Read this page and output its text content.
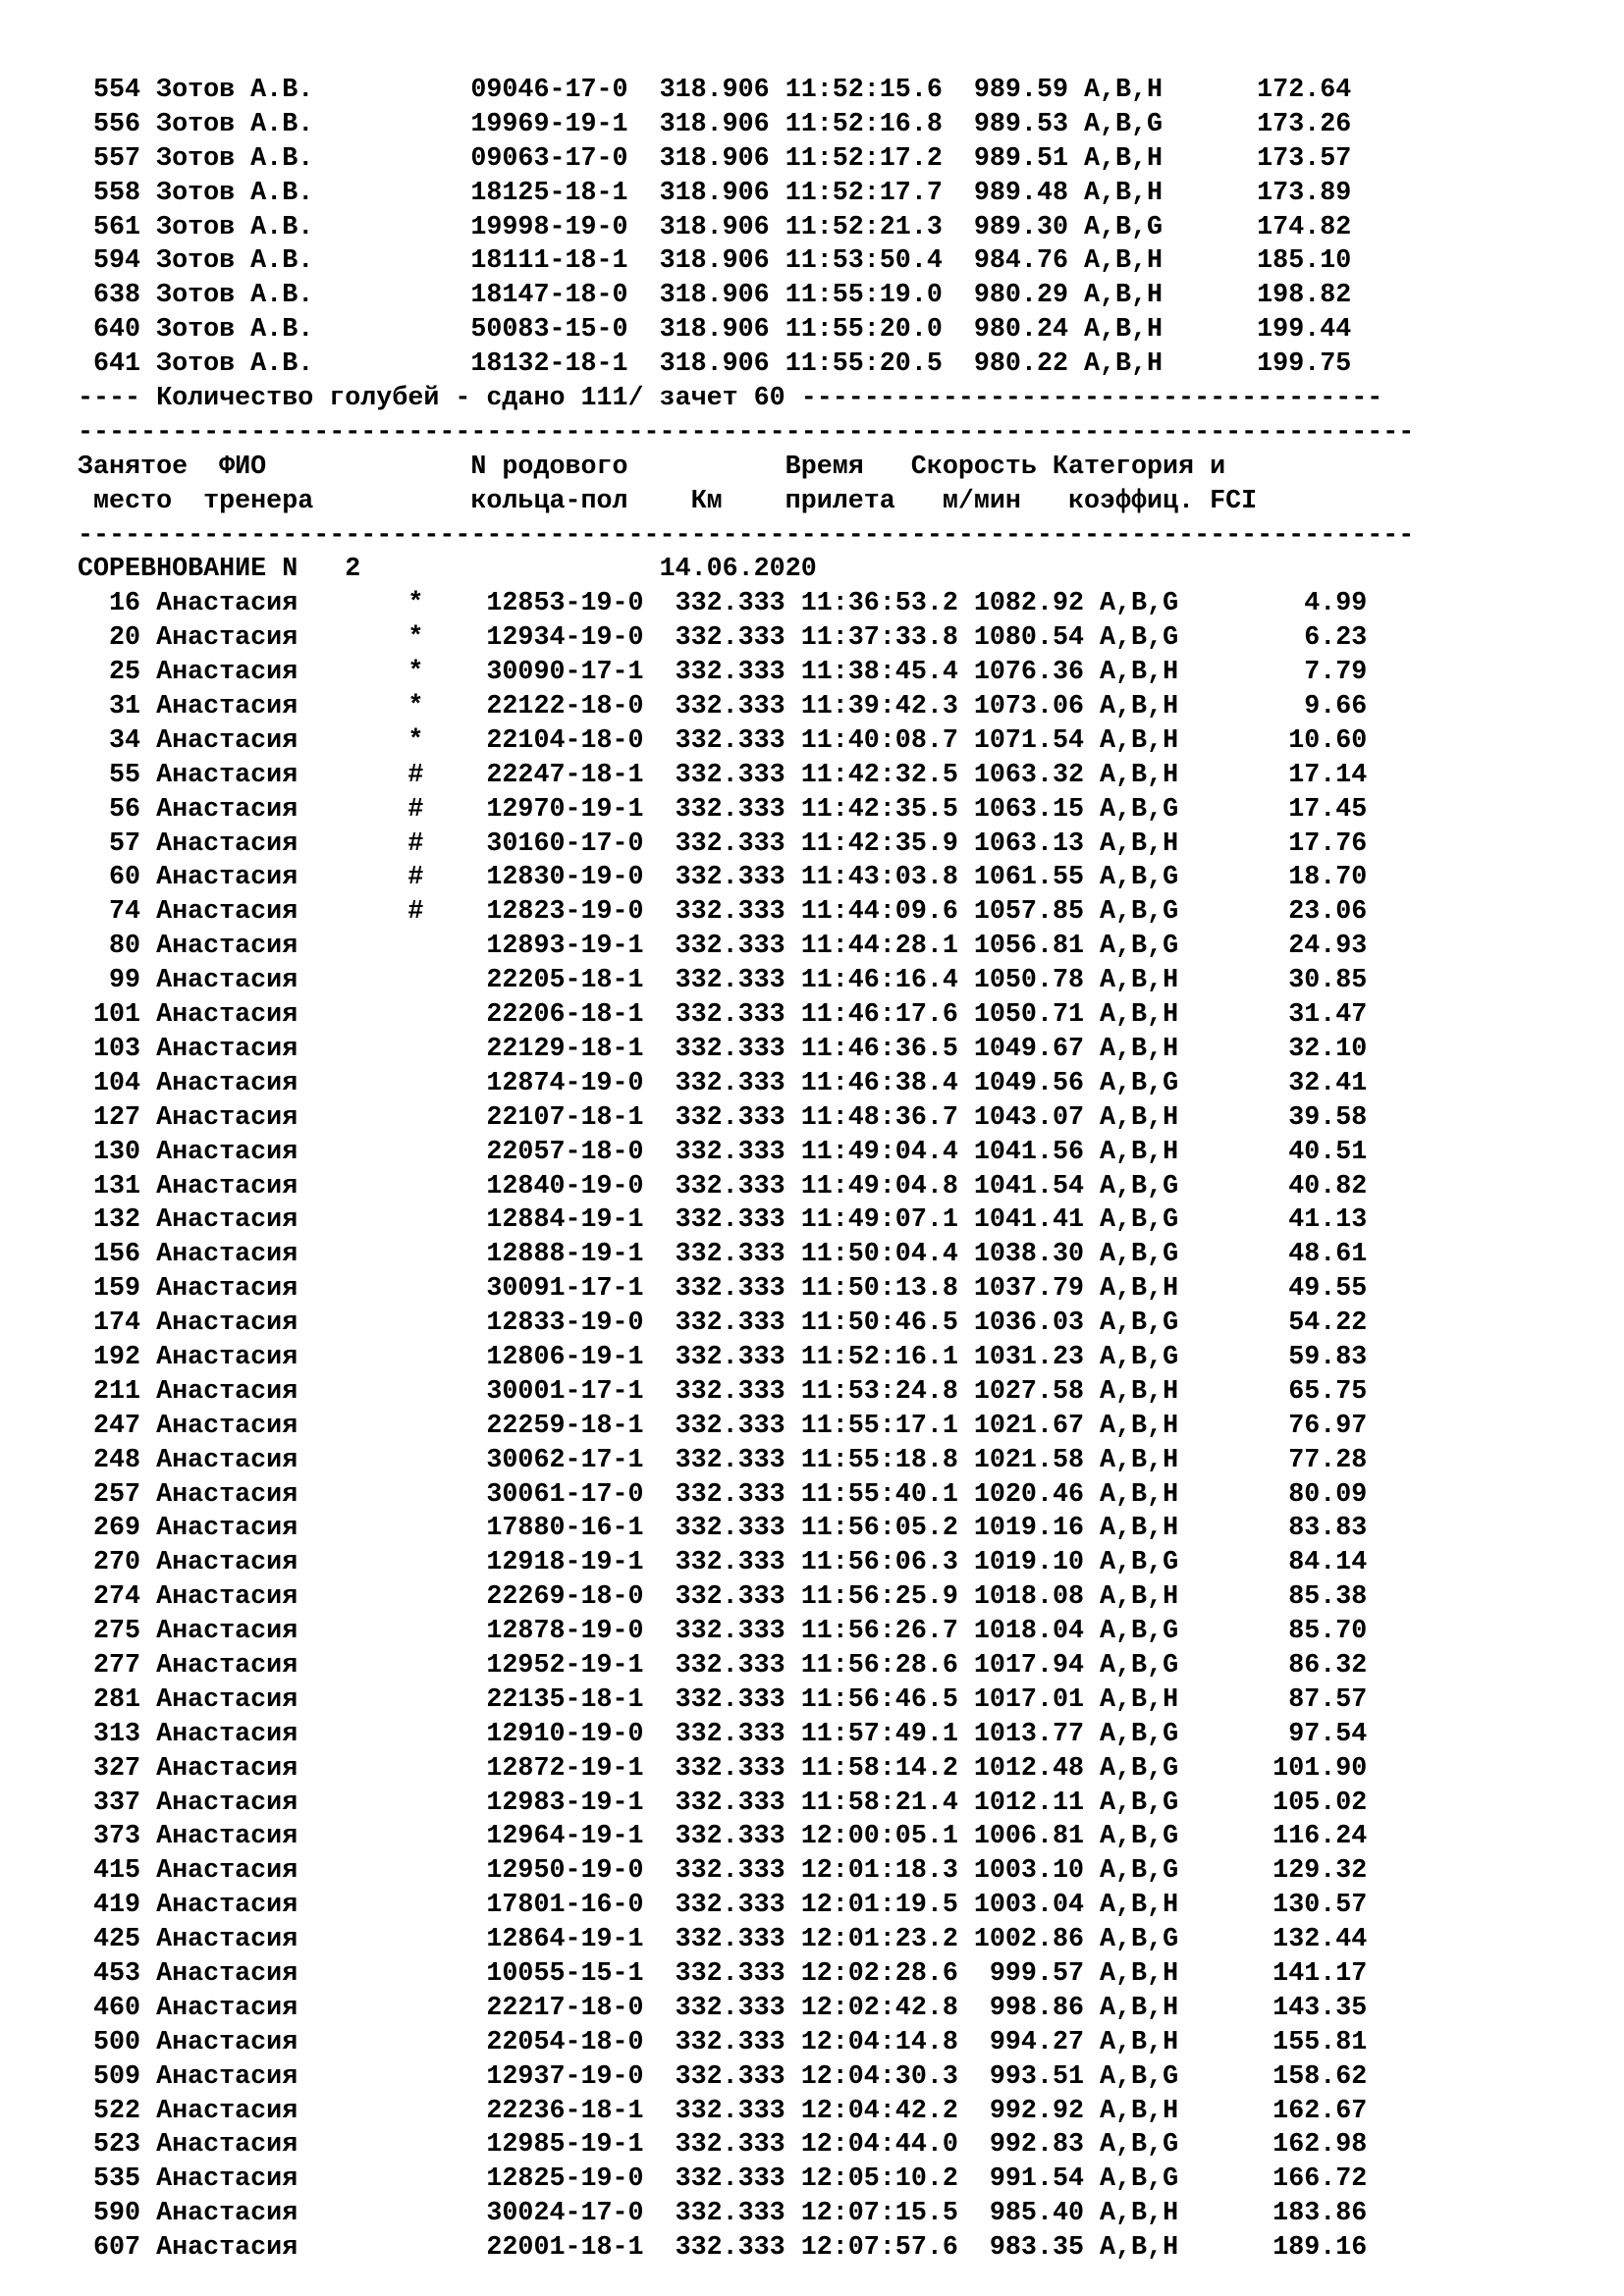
554 Зотов А.В.          09046-17-0 318.906 11:52:15.6  989.59 A,B,H      172.64
556 Зотов А.В.          19969-19-1 318.906 11:52:16.8  989.53 A,B,G      173.26
557 Зотов А.В.          09063-17-0 318.906 11:52:17.2  989.51 A,B,H      173.57
558 Зотов А.В.          18125-18-1 318.906 11:52:17.7  989.48 A,B,H      173.89
561 Зотов А.В.          19998-19-0 318.906 11:52:21.3  989.30 A,B,G      174.82
594 Зотов А.В.          18111-18-1 318.906 11:53:50.4  984.76 A,B,H      185.10
638 Зотов А.В.          18147-18-0 318.906 11:55:19.0  980.29 A,B,H      198.82
640 Зотов А.В.          50083-15-0 318.906 11:55:20.0  980.24 A,B,H      199.44
641 Зотов А.В.          18132-18-1 318.906 11:55:20.5  980.22 A,B,H      199.75
---- Количество голубей - сдано 111/ зачет 60 -------------------------------------
-------------------------------------------------------------------------------------
Занятое  ФИО             N родового          Время   Скорость Категория и
место  тренера          кольца-пол    Км    прилета   м/мин   коэффиц. FCI
-------------------------------------------------------------------------------------
СОРЕВНОВАНИЕ N   2	14.06.2020
16 Анастасия       *    12853-19-0 332.333 11:36:53.2 1082.92 A,B,G        4.99
20 Анастасия       *    12934-19-0 332.333 11:37:33.8 1080.54 A,B,G        6.23
25 Анастасия       *    30090-17-1 332.333 11:38:45.4 1076.36 A,B,H        7.79
31 Анастасия       *    22122-18-0 332.333 11:39:42.3 1073.06 A,B,H        9.66
34 Анастасия       *    22104-18-0 332.333 11:40:08.7 1071.54 A,B,H       10.60
55 Анастасия       #    22247-18-1 332.333 11:42:32.5 1063.32 A,B,H       17.14
56 Анастасия       #    12970-19-1 332.333 11:42:35.5 1063.15 A,B,G       17.45
57 Анастасия       #    30160-17-0 332.333 11:42:35.9 1063.13 A,B,H       17.76
60 Анастасия       #    12830-19-0 332.333 11:43:03.8 1061.55 A,B,G       18.70
74 Анастасия       #    12823-19-0 332.333 11:44:09.6 1057.85 A,B,G       23.06
80 Анастасия	12893-19-1 332.333 11:44:28.1 1056.81 A,B,G       24.93
99 Анастасия	22205-18-1 332.333 11:46:16.4 1050.78 A,B,H       30.85
101 Анастасия	22206-18-1 332.333 11:46:17.6 1050.71 A,B,H       31.47
103 Анастасия	22129-18-1 332.333 11:46:36.5 1049.67 A,B,H       32.10
104 Анастасия	12874-19-0 332.333 11:46:38.4 1049.56 A,B,G       32.41
127 Анастасия	22107-18-1 332.333 11:48:36.7 1043.07 A,B,H       39.58
130 Анастасия	22057-18-0 332.333 11:49:04.4 1041.56 A,B,H       40.51
131 Анастасия	12840-19-0 332.333 11:49:04.8 1041.54 A,B,G       40.82
132 Анастасия	12884-19-1 332.333 11:49:07.1 1041.41 A,B,G       41.13
156 Анастасия	12888-19-1 332.333 11:50:04.4 1038.30 A,B,G       48.61
159 Анастасия	30091-17-1 332.333 11:50:13.8 1037.79 A,B,H       49.55
174 Анастасия	12833-19-0 332.333 11:50:46.5 1036.03 A,B,G       54.22
192 Анастасия	12806-19-1 332.333 11:52:16.1 1031.23 A,B,G       59.83
211 Анастасия	30001-17-1 332.333 11:53:24.8 1027.58 A,B,H       65.75
247 Анастасия	22259-18-1 332.333 11:55:17.1 1021.67 A,B,H       76.97
248 Анастасия	30062-17-1 332.333 11:55:18.8 1021.58 A,B,H       77.28
257 Анастасия	30061-17-0 332.333 11:55:40.1 1020.46 A,B,H       80.09
269 Анастасия	17880-16-1 332.333 11:56:05.2 1019.16 A,B,H       83.83
270 Анастасия	12918-19-1 332.333 11:56:06.3 1019.10 A,B,G       84.14
274 Анастасия	22269-18-0 332.333 11:56:25.9 1018.08 A,B,H       85.38
275 Анастасия	12878-19-0 332.333 11:56:26.7 1018.04 A,B,G       85.70
277 Анастасия	12952-19-1 332.333 11:56:28.6 1017.94 A,B,G       86.32
281 Анастасия	22135-18-1 332.333 11:56:46.5 1017.01 A,B,H       87.57
313 Анастасия	12910-19-0 332.333 11:57:49.1 1013.77 A,B,G       97.54
327 Анастасия	12872-19-1 332.333 11:58:14.2 1012.48 A,B,G      101.90
337 Анастасия	12983-19-1 332.333 11:58:21.4 1012.11 A,B,G      105.02
373 Анастасия	12964-19-1 332.333 12:00:05.1 1006.81 A,B,G      116.24
415 Анастасия	12950-19-0 332.333 12:01:18.3 1003.10 A,B,G      129.32
419 Анастасия	17801-16-0 332.333 12:01:19.5 1003.04 A,B,H      130.57
425 Анастасия	12864-19-1 332.333 12:01:23.2 1002.86 A,B,G      132.44
453 Анастасия	10055-15-1 332.333 12:02:28.6  999.57 A,B,H      141.17
460 Анастасия	22217-18-0 332.333 12:02:42.8  998.86 A,B,H      143.35
500 Анастасия	22054-18-0 332.333 12:04:14.8  994.27 A,B,H      155.81
509 Анастасия	12937-19-0 332.333 12:04:30.3  993.51 A,B,G      158.62
522 Анастасия	22236-18-1 332.333 12:04:42.2  992.92 A,B,H      162.67
523 Анастасия	12985-19-1 332.333 12:04:44.0  992.83 A,B,G      162.98
535 Анастасия	12825-19-0 332.333 12:05:10.2  991.54 A,B,G      166.72
590 Анастасия	30024-17-0 332.333 12:07:15.5  985.40 A,B,H      183.86
607 Анастасия	22001-18-1 332.333 12:07:57.6  983.35 A,B,H      189.16
